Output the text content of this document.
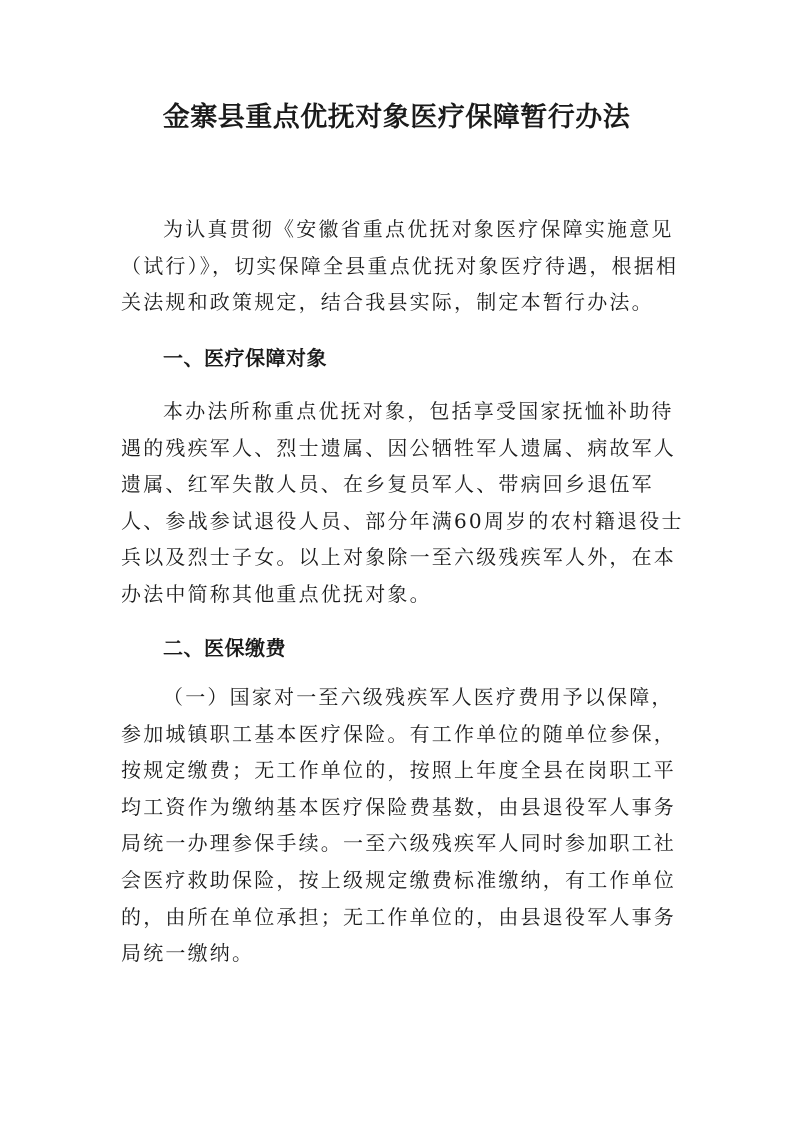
金寨县重点优抚对象医疗保障暂行办法

为认真贯彻《安徽省重点优抚对象医疗保障实施意见
（试行）》，切实保障全县重点优抚对象医疗待遇，根据相
关法规和政策规定，结合我县实际，制定本暂行办法。

一、医疗保障对象

本办法所称重点优抚对象，包括享受国家抚恤补助待
遇的残疾军人、烈士遗属、因公牺牲军人遗属、病故军人
遗属、红军失散人员、在乡复员军人、带病回乡退伍军
人、参战参试退役人员、部分年满60周岁的农村籍退役士
兵以及烈士子女。以上对象除一至六级残疾军人外，在本
办法中简称其他重点优抚对象。

二、医保缴费

（一）国家对一至六级残疾军人医疗费用予以保障，
参加城镇职工基本医疗保险。有工作单位的随单位参保，
按规定缴费；无工作单位的，按照上年度全县在岗职工平
均工资作为缴纳基本医疗保险费基数，由县退役军人事务
局统一办理参保手续。一至六级残疾军人同时参加职工社
会医疗救助保险，按上级规定缴费标准缴纳，有工作单位
的，由所在单位承担；无工作单位的，由县退役军人事务
局统一缴纳。
